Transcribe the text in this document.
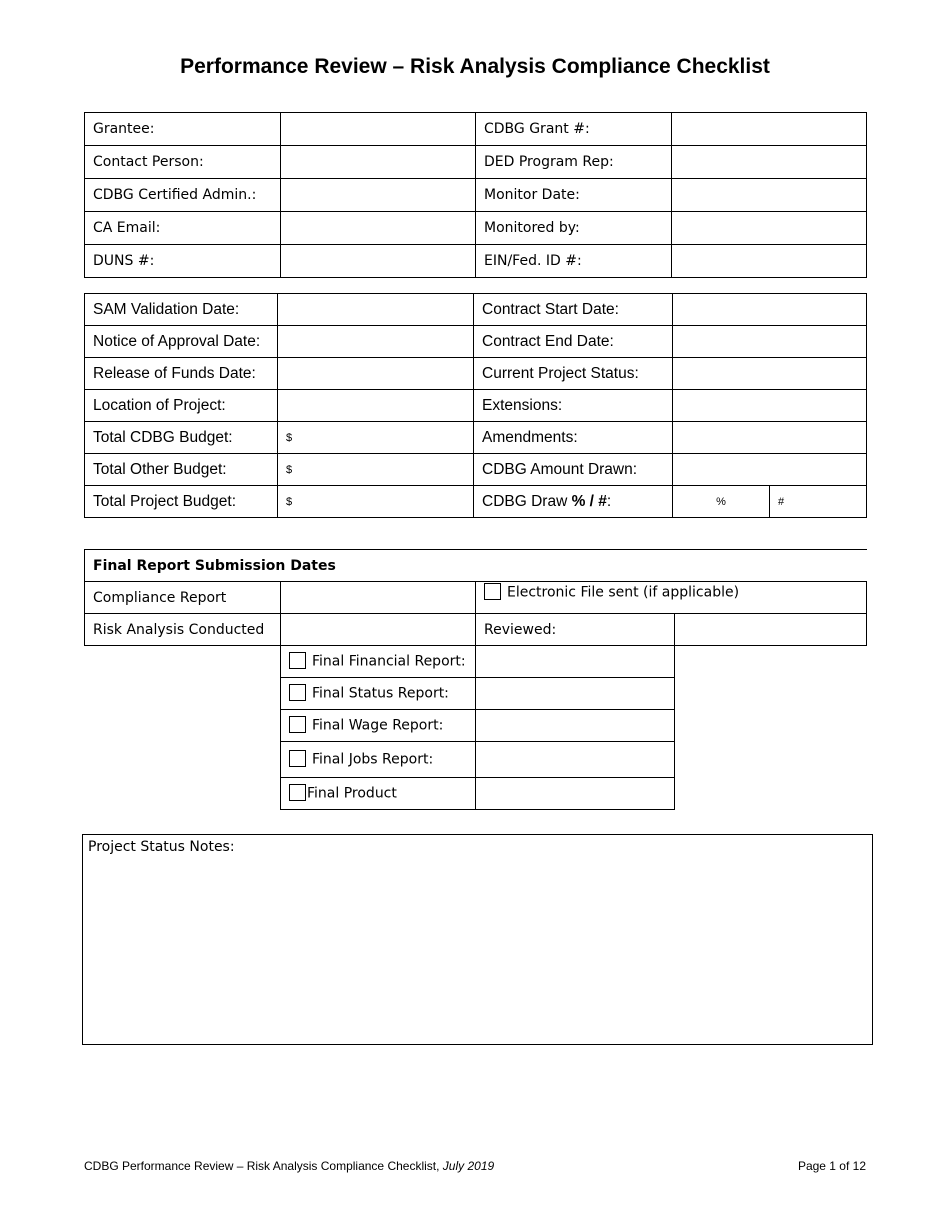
Performance Review – Risk Analysis Compliance Checklist
Grantee:		CDBG Grant #:	
Contact Person:		DED Program Rep:	
CDBG Certified Admin.:		Monitor Date:	
CA Email:		Monitored by:	
DUNS #:		EIN/Fed. ID #:	
SAM Validation Date:		Contract Start Date:		
Notice of Approval Date:		Contract End Date:		
Release of Funds Date:		Current Project Status:		
Location of Project:		Extensions:		
Total CDBG Budget:	$	Amendments:		
Total Other Budget:	$	CDBG Amount Drawn:		
Total Project Budget:	$	CDBG Draw % / #:	%	#
Final Report Submission Dates			
Compliance Report		Electronic File sent (if applicable)	
Risk Analysis Conducted		Reviewed:	
	Final Financial Report:		
	Final Status Report:		
	Final Wage Report:		
	Final Jobs Report:		
	Final Product		
Project Status Notes:
CDBG Performance Review – Risk Analysis Compliance Checklist, July 2019	Page 1 of 12
